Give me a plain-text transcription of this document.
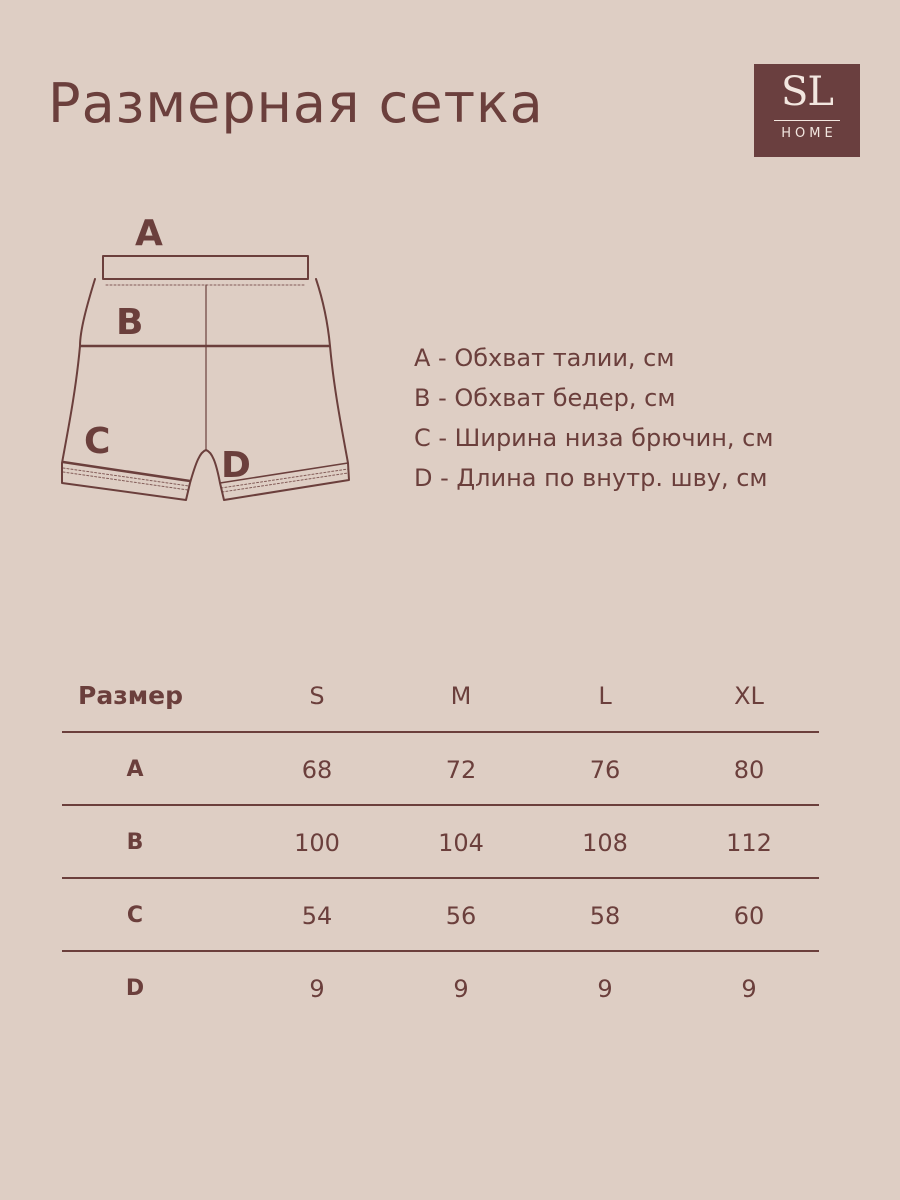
Размерная сетка	SL
HOME
A
B
C
D
A - Обхват талии, см
B - Обхват бедер, см
C - Ширина низа брючин, см
D - Длина по внутр. шву, см
Размер	S	M	L	XL
A	68	72	76	80
B	100	104	108	112
C	54	56	58	60
D	9	9	9	9
